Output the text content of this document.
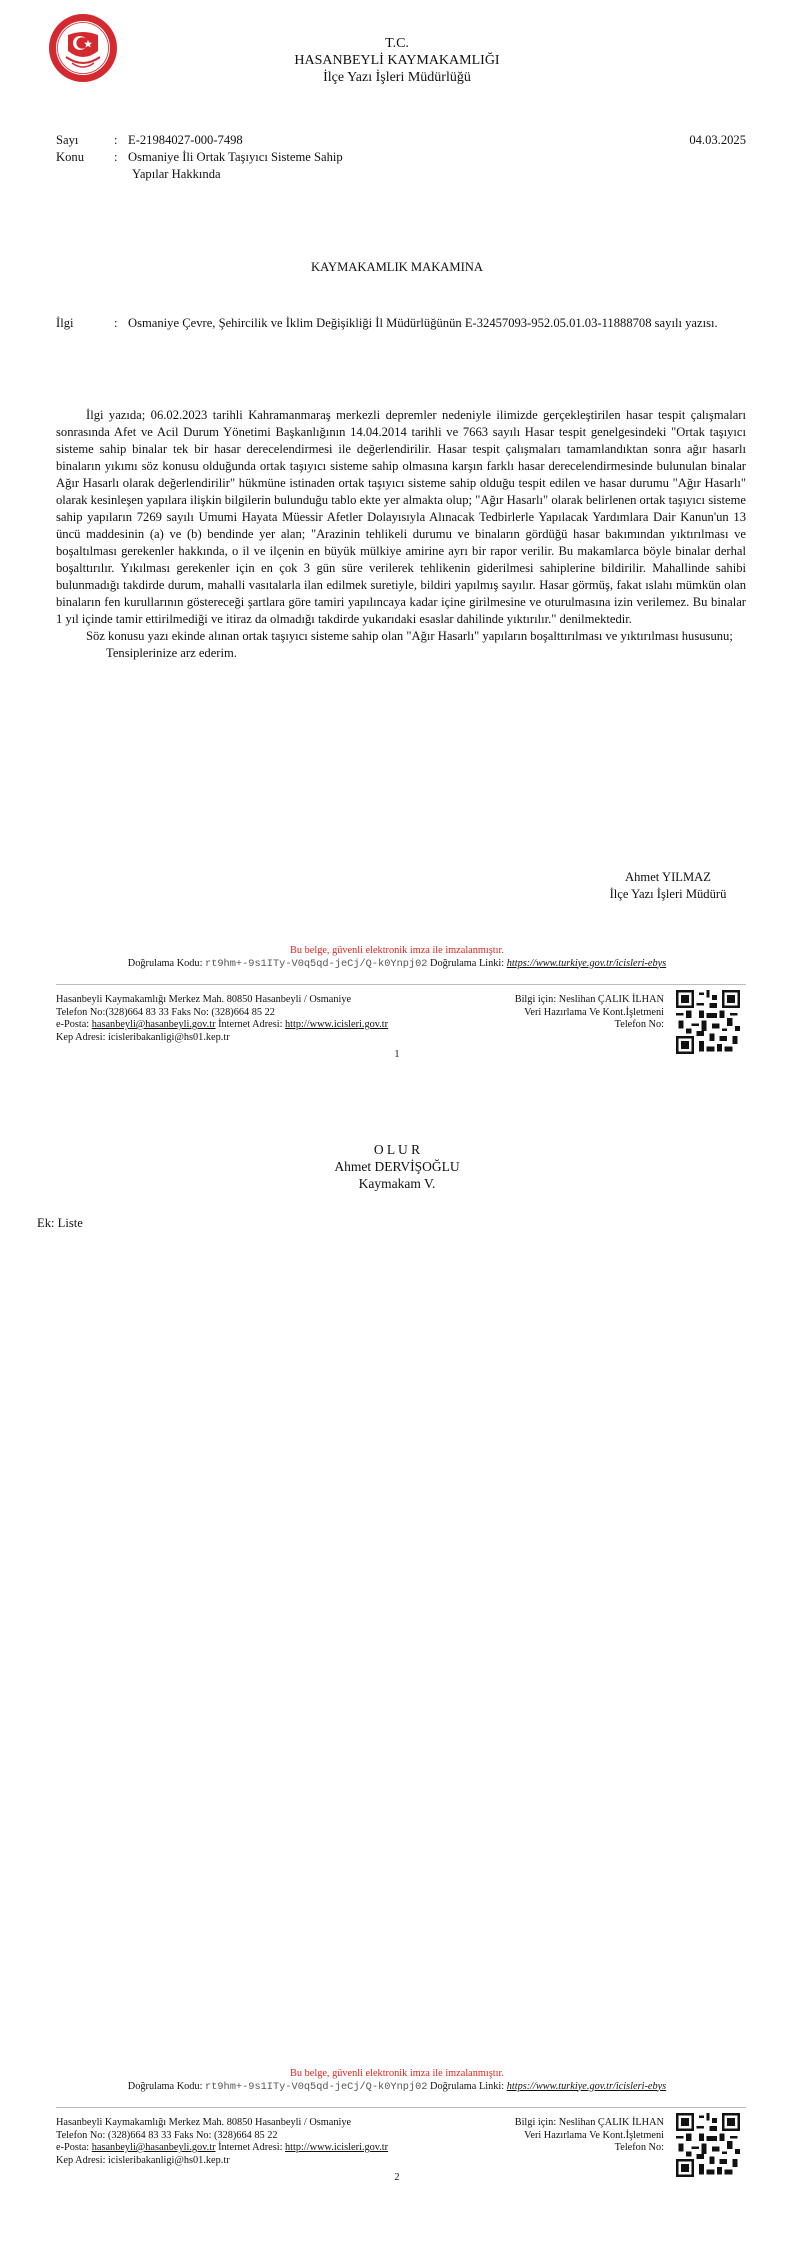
T.C.
HASANBEYLİ KAYMAKAMLIĞI
İlçe Yazı İşleri Müdürlüğü
Sayı	: E-21984027-000-7498	04.03.2025
Konu	: Osmaniye İli Ortak Taşıyıcı Sisteme Sahip
Yapılar Hakkında
KAYMAKAMLIK MAKAMINA
İlgi	: Osmaniye Çevre, Şehircilik ve İklim Değişikliği İl Müdürlüğünün E-32457093-952.05.01.03-11888708 sayılı yazısı.

İlgi yazıda; 06.02.2023 tarihli Kahramanmaraş merkezli depremler nedeniyle ilimizde gerçekleştirilen hasar tespit çalışmaları sonrasında Afet ve Acil Durum Yönetimi Başkanlığının 14.04.2014 tarihli ve 7663 sayılı Hasar tespit genelgesindeki "Ortak taşıyıcı sisteme sahip binalar tek bir hasar derecelendirmesi ile değerlendirilir. Hasar tespit çalışmaları tamamlandıktan sonra ağır hasarlı binaların yıkımı söz konusu olduğunda ortak taşıyıcı sisteme sahip olmasına karşın farklı hasar derecelendirmesinde bulunulan binalar Ağır Hasarlı olarak değerlendirilir" hükmüne istinaden ortak taşıyıcı sisteme sahip olduğu tespit edilen ve hasar durumu "Ağır Hasarlı" olarak kesinleşen yapılara ilişkin bilgilerin bulunduğu tablo ekte yer almakta olup; "Ağır Hasarlı" olarak belirlenen ortak taşıyıcı sisteme sahip yapıların 7269 sayılı Umumi Hayata Müessir Afetler Dolayısıyla Alınacak Tedbirlerle Yapılacak Yardımlara Dair Kanun'un 13 üncü maddesinin (a) ve (b) bendinde yer alan; "Arazinin tehlikeli durumu ve binaların gördüğü hasar bakımından yıktırılması ve boşaltılması gerekenler hakkında, o il ve ilçenin en büyük mülkiye amirine ayrı bir rapor verilir. Bu makamlarca böyle binalar derhal boşalttırılır. Yıkılması gerekenler için en çok 3 gün süre verilerek tehlikenin giderilmesi sahiplerine bildirilir. Mahallinde sahibi bulunmadığı takdirde durum, mahalli vasıtalarla ilan edilmek suretiyle, bildiri yapılmış sayılır. Hasar görmüş, fakat ıslahı mümkün olan binaların fen kurullarının göstereceği şartlara göre tamiri yapılıncaya kadar içine girilmesine ve oturulmasına izin verilemez. Bu binalar 1 yıl içinde tamir ettirilmediği ve itiraz da olmadığı takdirde yukarıdaki esaslar dahilinde yıktırılır." denilmektedir.

Söz konusu yazı ekinde alınan ortak taşıyıcı sisteme sahip olan "Ağır Hasarlı" yapıların boşalttırılması ve yıktırılması hususunu;

Tensiplerinize arz ederim.

Ahmet YILMAZ
İlçe Yazı İşleri Müdürü
Bu belge, güvenli elektronik imza ile imzalanmıştır.
Doğrulama Kodu: rt9hm+-9s1ITy-V0q5qd-jeCj/Q-k0Ynpj02 Doğrulama Linki: https://www.turkiye.gov.tr/icisleri-ebys
Hasanbeyli Kaymakamlığı Merkez Mah. 80850 Hasanbeyli / Osmaniye
Telefon No:(328)664 83 33 Faks No: (328)664 85 22
e-Posta: hasanbeyli@hasanbeyli.gov.tr İnternet Adresi: http://www.icisleri.gov.tr
Kep Adresi: icisleribakanligi@hs01.kep.tr
Bilgi için: Neslihan ÇALIK İLHAN
Veri Hazırlama Ve Kont.İşletmeni
Telefon No:
1
O L U R
Ahmet DERVİŞOĞLU
Kaymakam V.
Ek: Liste
Bu belge, güvenli elektronik imza ile imzalanmıştır.
Doğrulama Kodu: rt9hm+-9s1ITy-V0q5qd-jeCj/Q-k0Ynpj02 Doğrulama Linki: https://www.turkiye.gov.tr/icisleri-ebys
Hasanbeyli Kaymakamlığı Merkez Mah. 80850 Hasanbeyli / Osmaniye
Telefon No: (328)664 83 33 Faks No: (328)664 85 22
e-Posta: hasanbeyli@hasanbeyli.gov.tr İnternet Adresi: http://www.icisleri.gov.tr
Kep Adresi: icisleribakanligi@hs01.kep.tr
Bilgi için: Neslihan ÇALIK İLHAN
Veri Hazırlama Ve Kont.İşletmeni
Telefon No:
2
